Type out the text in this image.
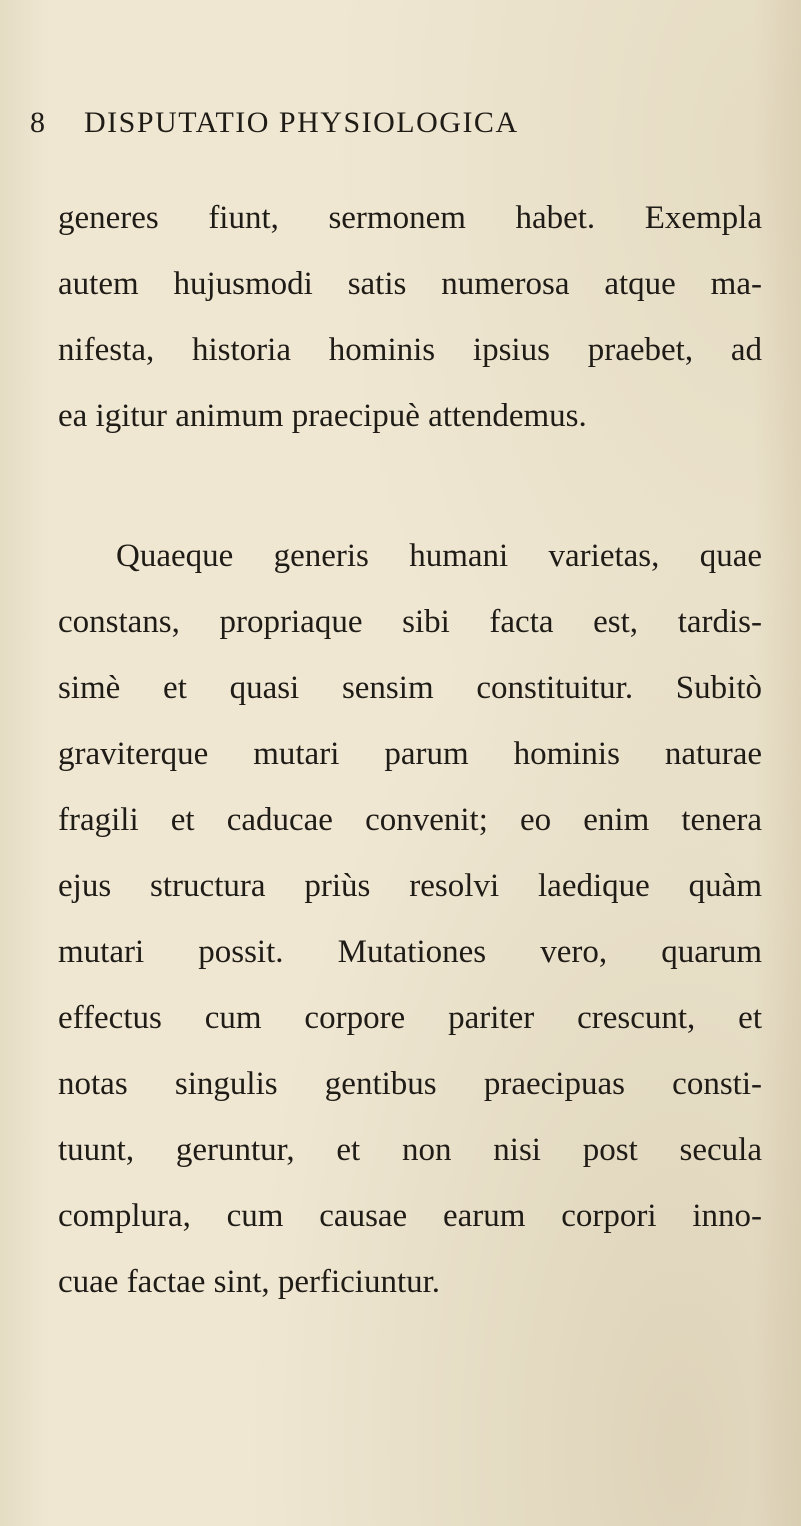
8 DISPUTATIO PHYSIOLOGICA
generes fiunt, sermonem habet. Exempla
autem hujusmodi satis numerosa atque ma-
nifesta, historia hominis ipsius praebet, ad
ea igitur animum praecipuè attendemus.
Quaeque generis humani varietas, quae
constans, propriaque sibi facta est, tardis-
simè et quasi sensim constituitur. Subitò
graviterque mutari parum hominis naturae
fragili et caducae convenit; eo enim tenera
ejus structura priùs resolvi laedique quàm
mutari possit. Mutationes vero, quarum
effectus cum corpore pariter crescunt, et
notas singulis gentibus praecipuas consti-
tuunt, geruntur, et non nisi post secula
complura, cum causae earum corpori inno-
cuae factae sint, perficiuntur.
